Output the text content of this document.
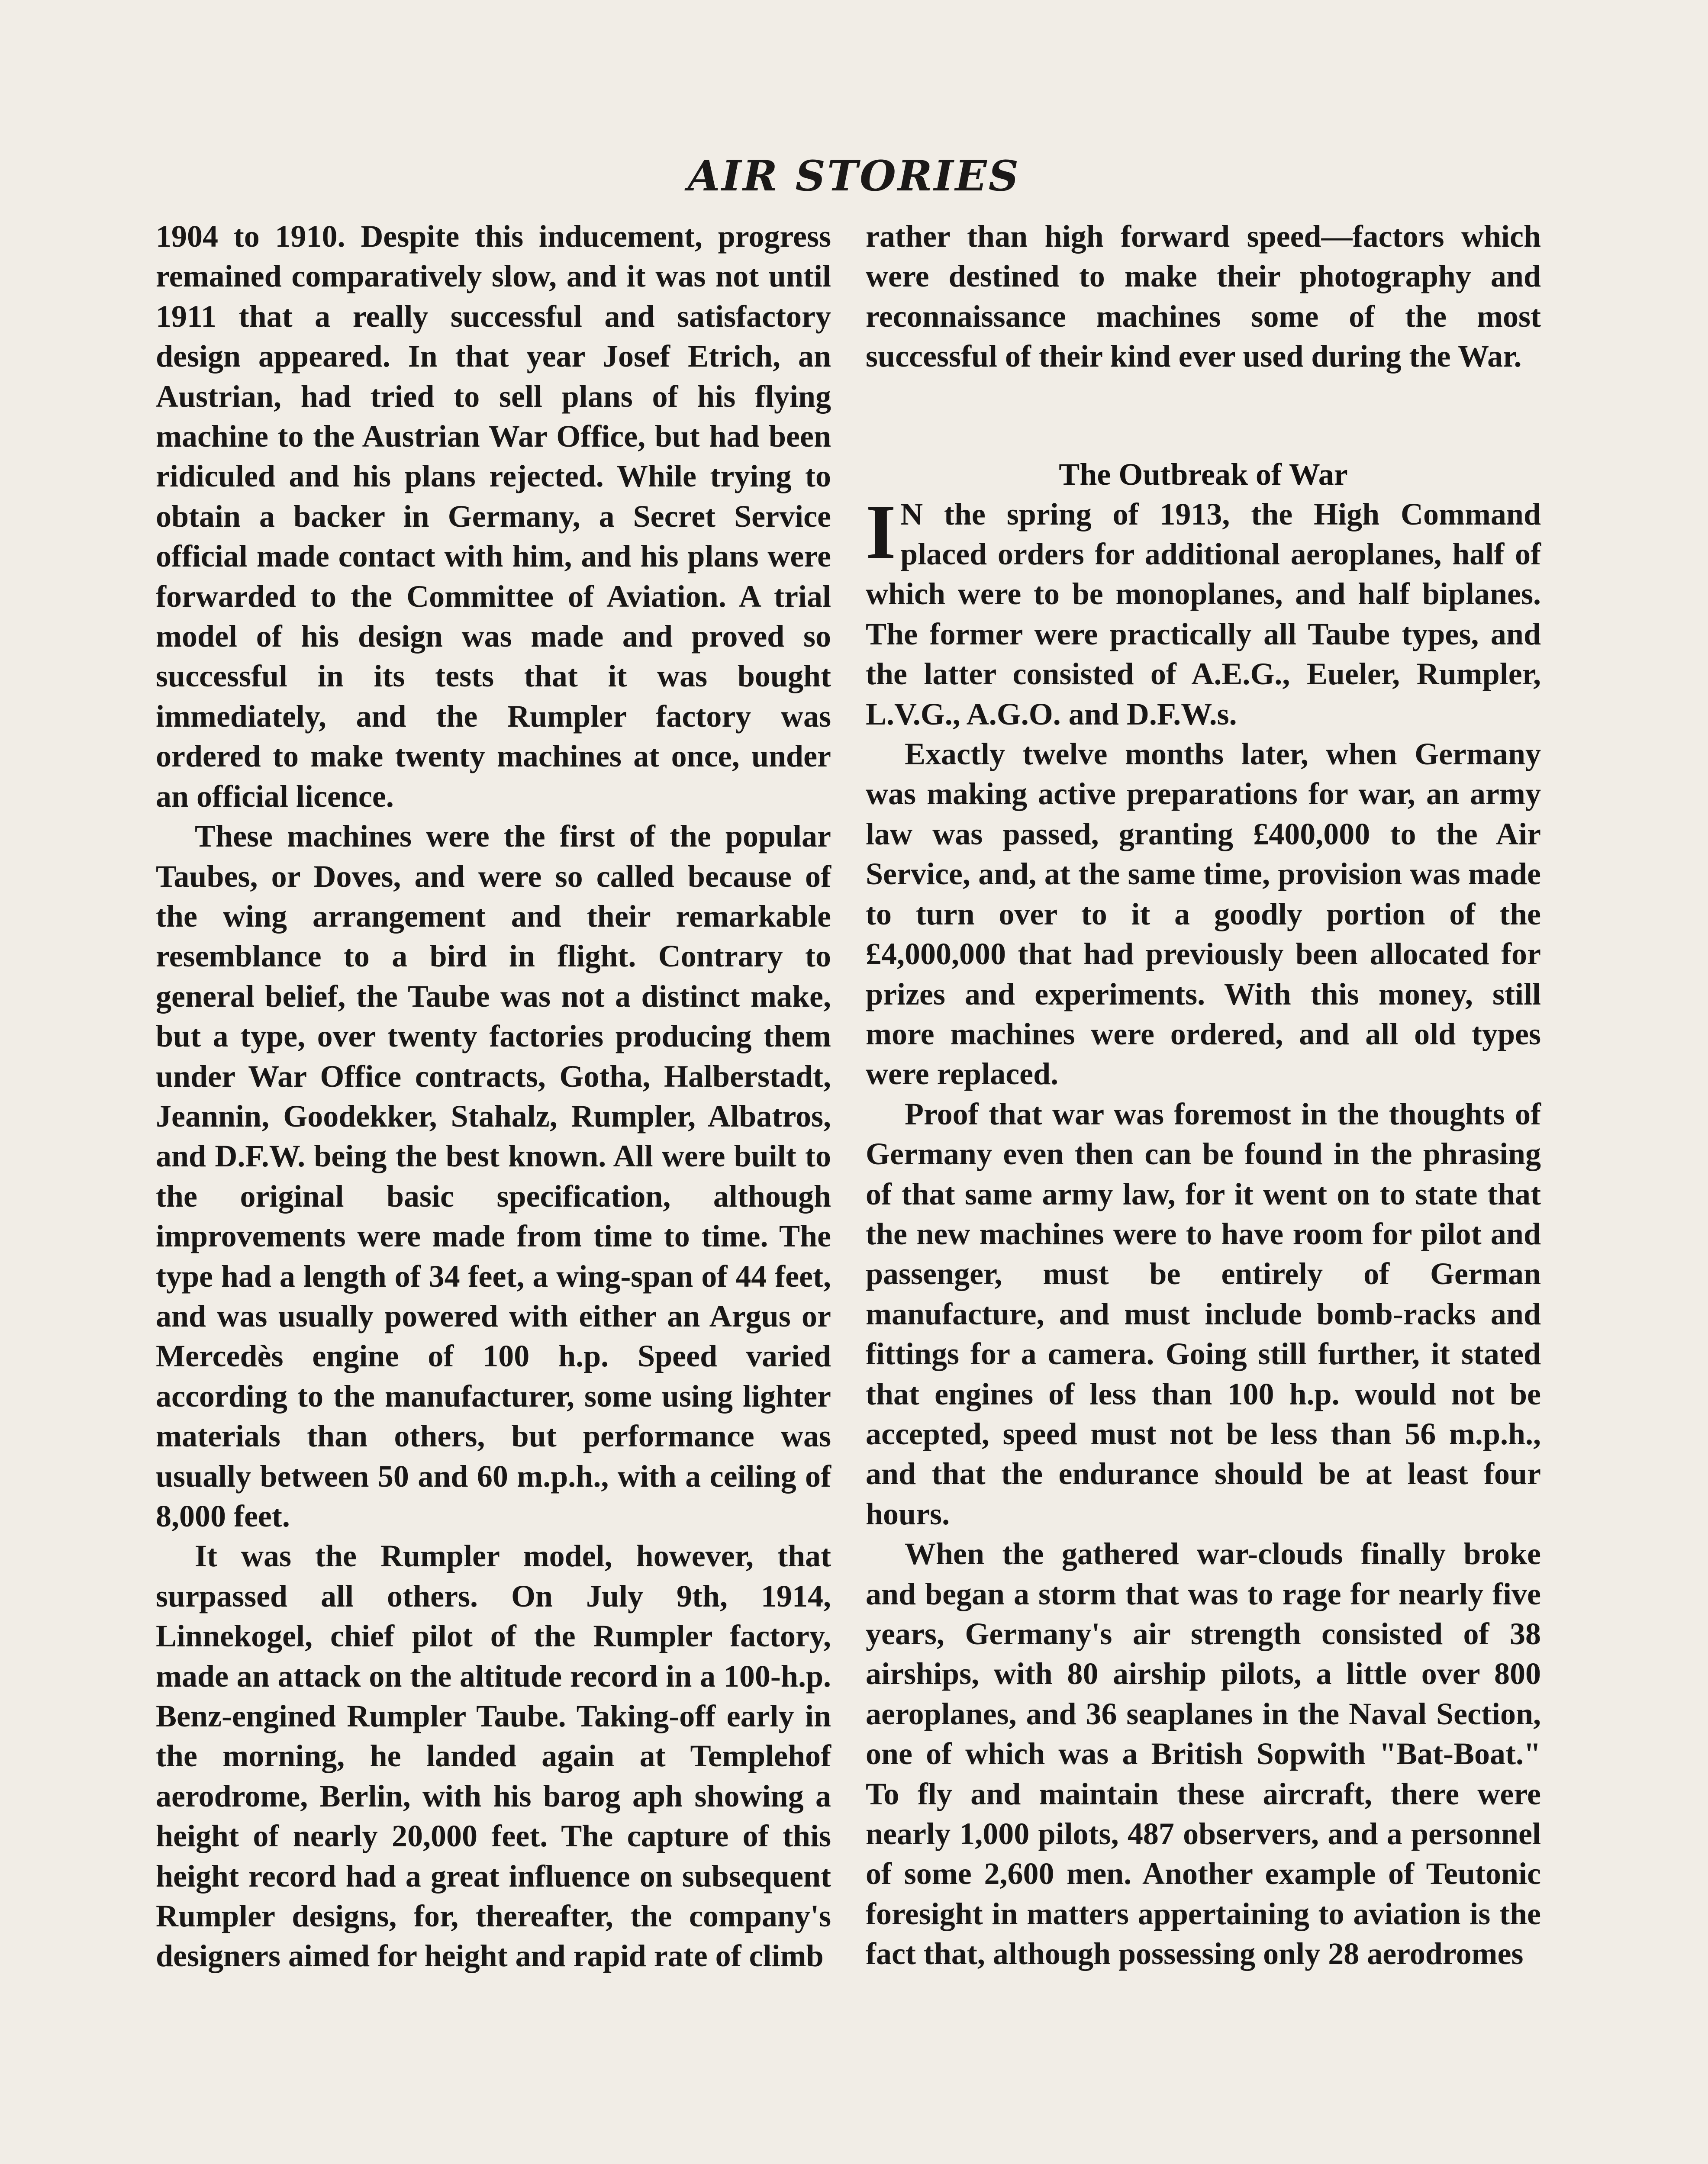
AIR STORIES

1904 to 1910. Despite this inducement, progress remained comparatively slow, and it was not until 1911 that a really successful and satisfactory design appeared. In that year Josef Etrich, an Austrian, had tried to sell plans of his flying machine to the Austrian War Office, but had been ridiculed and his plans rejected. While trying to obtain a backer in Germany, a Secret Service official made contact with him, and his plans were forwarded to the Committee of Aviation. A trial model of his design was made and proved so successful in its tests that it was bought immediately, and the Rumpler factory was ordered to make twenty machines at once, under an official licence.

These machines were the first of the popular Taubes, or Doves, and were so called because of the wing arrangement and their remarkable resemblance to a bird in flight. Contrary to general belief, the Taube was not a distinct make, but a type, over twenty factories producing them under War Office contracts, Gotha, Halberstadt, Jeannin, Goodekker, Stahalz, Rumpler, Albatros, and D.F.W. being the best known. All were built to the original basic specification, although improvements were made from time to time. The type had a length of 34 feet, a wing-span of 44 feet, and was usually powered with either an Argus or Mercedès engine of 100 h.p. Speed varied according to the manufacturer, some using lighter materials than others, but performance was usually between 50 and 60 m.p.h., with a ceiling of 8,000 feet.

It was the Rumpler model, however, that surpassed all others. On July 9th, 1914, Linnekogel, chief pilot of the Rumpler factory, made an attack on the altitude record in a 100-h.p. Benz-engined Rumpler Taube. Taking-off early in the morning, he landed again at Templehof aerodrome, Berlin, with his barog aph showing a height of nearly 20,000 feet. The capture of this height record had a great influence on subsequent Rumpler designs, for, thereafter, the company's designers aimed for height and rapid rate of climb

rather than high forward speed—factors which were destined to make their photography and reconnaissance machines some of the most successful of their kind ever used during the War.

The Outbreak of War

I N the spring of 1913, the High Command placed orders for additional aeroplanes, half of which were to be monoplanes, and half biplanes. The former were practically all Taube types, and the latter consisted of A.E.G., Eueler, Rumpler, L.V.G., A.G.O. and D.F.W.s.

Exactly twelve months later, when Germany was making active preparations for war, an army law was passed, granting £400,000 to the Air Service, and, at the same time, provision was made to turn over to it a goodly portion of the £4,000,000 that had previously been allocated for prizes and experiments. With this money, still more machines were ordered, and all old types were replaced.

Proof that war was foremost in the thoughts of Germany even then can be found in the phrasing of that same army law, for it went on to state that the new machines were to have room for pilot and passenger, must be entirely of German manufacture, and must include bomb-racks and fittings for a camera. Going still further, it stated that engines of less than 100 h.p. would not be accepted, speed must not be less than 56 m.p.h., and that the endurance should be at least four hours.

When the gathered war-clouds finally broke and began a storm that was to rage for nearly five years, Germany's air strength consisted of 38 airships, with 80 airship pilots, a little over 800 aeroplanes, and 36 seaplanes in the Naval Section, one of which was a British Sopwith "Bat-Boat." To fly and maintain these aircraft, there were nearly 1,000 pilots, 487 observers, and a personnel of some 2,600 men. Another example of Teutonic foresight in matters appertaining to aviation is the fact that, although possessing only 28 aerodromes
